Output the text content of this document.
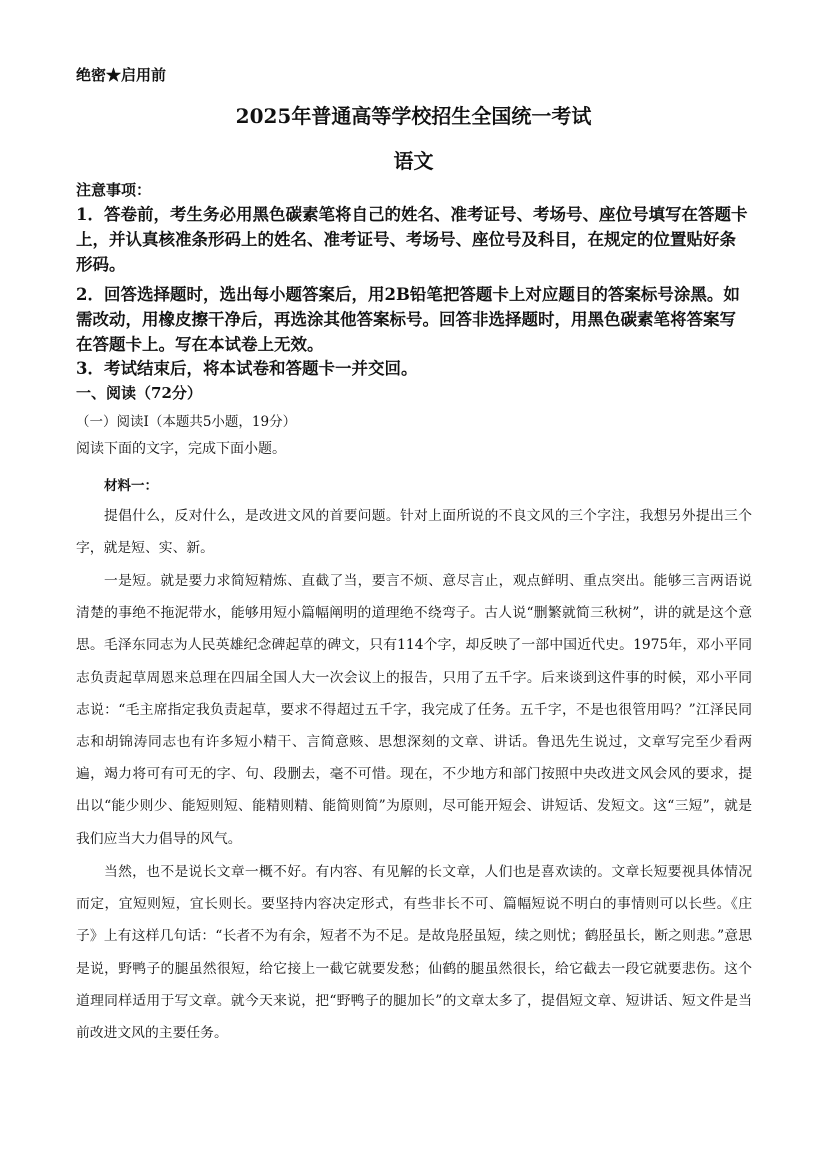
绝密★启用前
2025年普通高等学校招生全国统一考试
语文
注意事项：
1．答卷前，考生务必用黑色碳素笔将自己的姓名、准考证号、考场号、座位号填写在答题卡上，并认真核准条形码上的姓名、准考证号、考场号、座位号及科目，在规定的位置贴好条形码。
2．回答选择题时，选出每小题答案后，用2B铅笔把答题卡上对应题目的答案标号涂黑。如需改动，用橡皮擦干净后，再选涂其他答案标号。回答非选择题时，用黑色碳素笔将答案写在答题卡上。写在本试卷上无效。
3．考试结束后，将本试卷和答题卡一并交回。
一、阅读（72分）
（一）阅读Ⅰ（本题共5小题，19分）
阅读下面的文字，完成下面小题。
材料一：

提倡什么，反对什么，是改进文风的首要问题。针对上面所说的不良文风的三个字注，我想另外提出三个字，就是短、实、新。

一是短。就是要力求简短精炼、直截了当，要言不烦、意尽言止，观点鲜明、重点突出。能够三言两语说清楚的事绝不拖泥带水，能够用短小篇幅阐明的道理绝不绕弯子。古人说“删繁就简三秋树”，讲的就是这个意思。毛泽东同志为人民英雄纪念碑起草的碑文，只有114个字，却反映了一部中国近代史。1975年，邓小平同志负责起草周恩来总理在四届全国人大一次会议上的报告，只用了五千字。后来谈到这件事的时候，邓小平同志说：“毛主席指定我负责起草，要求不得超过五千字，我完成了任务。五千字，不是也很管用吗？”江泽民同志和胡锦涛同志也有许多短小精干、言简意赅、思想深刻的文章、讲话。鲁迅先生说过，文章写完至少看两遍，竭力将可有可无的字、句、段删去，毫不可惜。现在，不少地方和部门按照中央改进文风会风的要求，提出以“能少则少、能短则短、能精则精、能简则简”为原则，尽可能开短会、讲短话、发短文。这“三短”，就是我们应当大力倡导的风气。

当然，也不是说长文章一概不好。有内容、有见解的长文章，人们也是喜欢读的。文章长短要视具体情况而定，宜短则短，宜长则长。要坚持内容决定形式，有些非长不可、篇幅短说不明白的事情则可以长些。《庄子》上有这样几句话：“长者不为有余，短者不为不足。是故凫胫虽短，续之则忧；鹤胫虽长，断之则悲。”意思是说，野鸭子的腿虽然很短，给它接上一截它就要发愁；仙鹤的腿虽然很长，给它截去一段它就要悲伤。这个道理同样适用于写文章。就今天来说，把“野鸭子的腿加长”的文章太多了，提倡短文章、短讲话、短文件是当前改进文风的主要任务。
